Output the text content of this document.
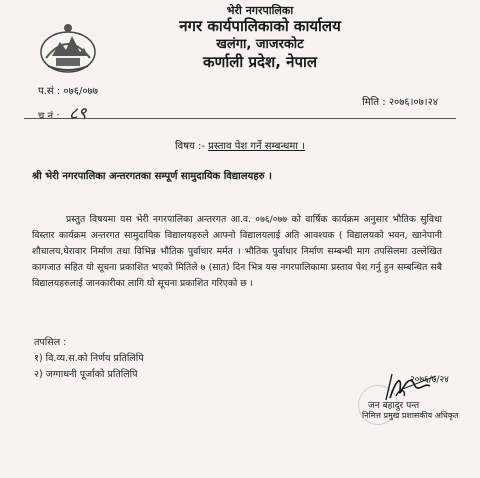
भेरी नगरपालिका
नगर कार्यपालिकाको कार्यालय
खलंगा, जाजरकोट
कर्णाली प्रदेश, नेपाल
प.सं : ०७६/०७७
च.नं : ८९
मिति : २०७६।०७।२४
विषय :- प्रस्ताव पेश गर्ने सम्बन्धमा ।
श्री भेरी नगरपालिका अन्तरगतका सम्पूर्ण सामुदायिक विद्यालयहरु ।
प्रस्तुत विषयमा यस भेरी नगरपालिका अन्तरगत आ.व. ०७६/०७७ को वार्षिक कार्यक्रम अनुसार भौतिक सुविधा विस्तार कार्यक्रम अन्तरगत सामुदायिक विद्यालयहरुले आफ्नो विद्यालयलाई अति आवश्यक ( विद्यालयको भवन, खानेपानी शौचालय,घेरावार निर्माण तथा विभिन्न भौतिक पुर्वाधार मर्मत । भौतिक पुर्वाधार निर्माण सम्बन्धी माग तपसिलमा उल्लेखित कागजात सहित यो सूचना प्रकाशित भएको मितिले ७ (सात) दिन भित्र यस नगरपालिकामा प्रस्ताव पेश गर्नु हुन सम्बन्धित सबै विद्यालयहरुलाई जानकारीका लागि यो सूचना प्रकाशित गरिएको छ ।
तपसिल :
१) वि.व्य.स.को निर्णय प्रतिलिपि
२) जग्गाधनी पूर्जाको प्रतिलिपि	२०७६/७/२४
जन बहादुर पन्त
निमित्त प्रमुख प्रशासकीय अधिकृत
